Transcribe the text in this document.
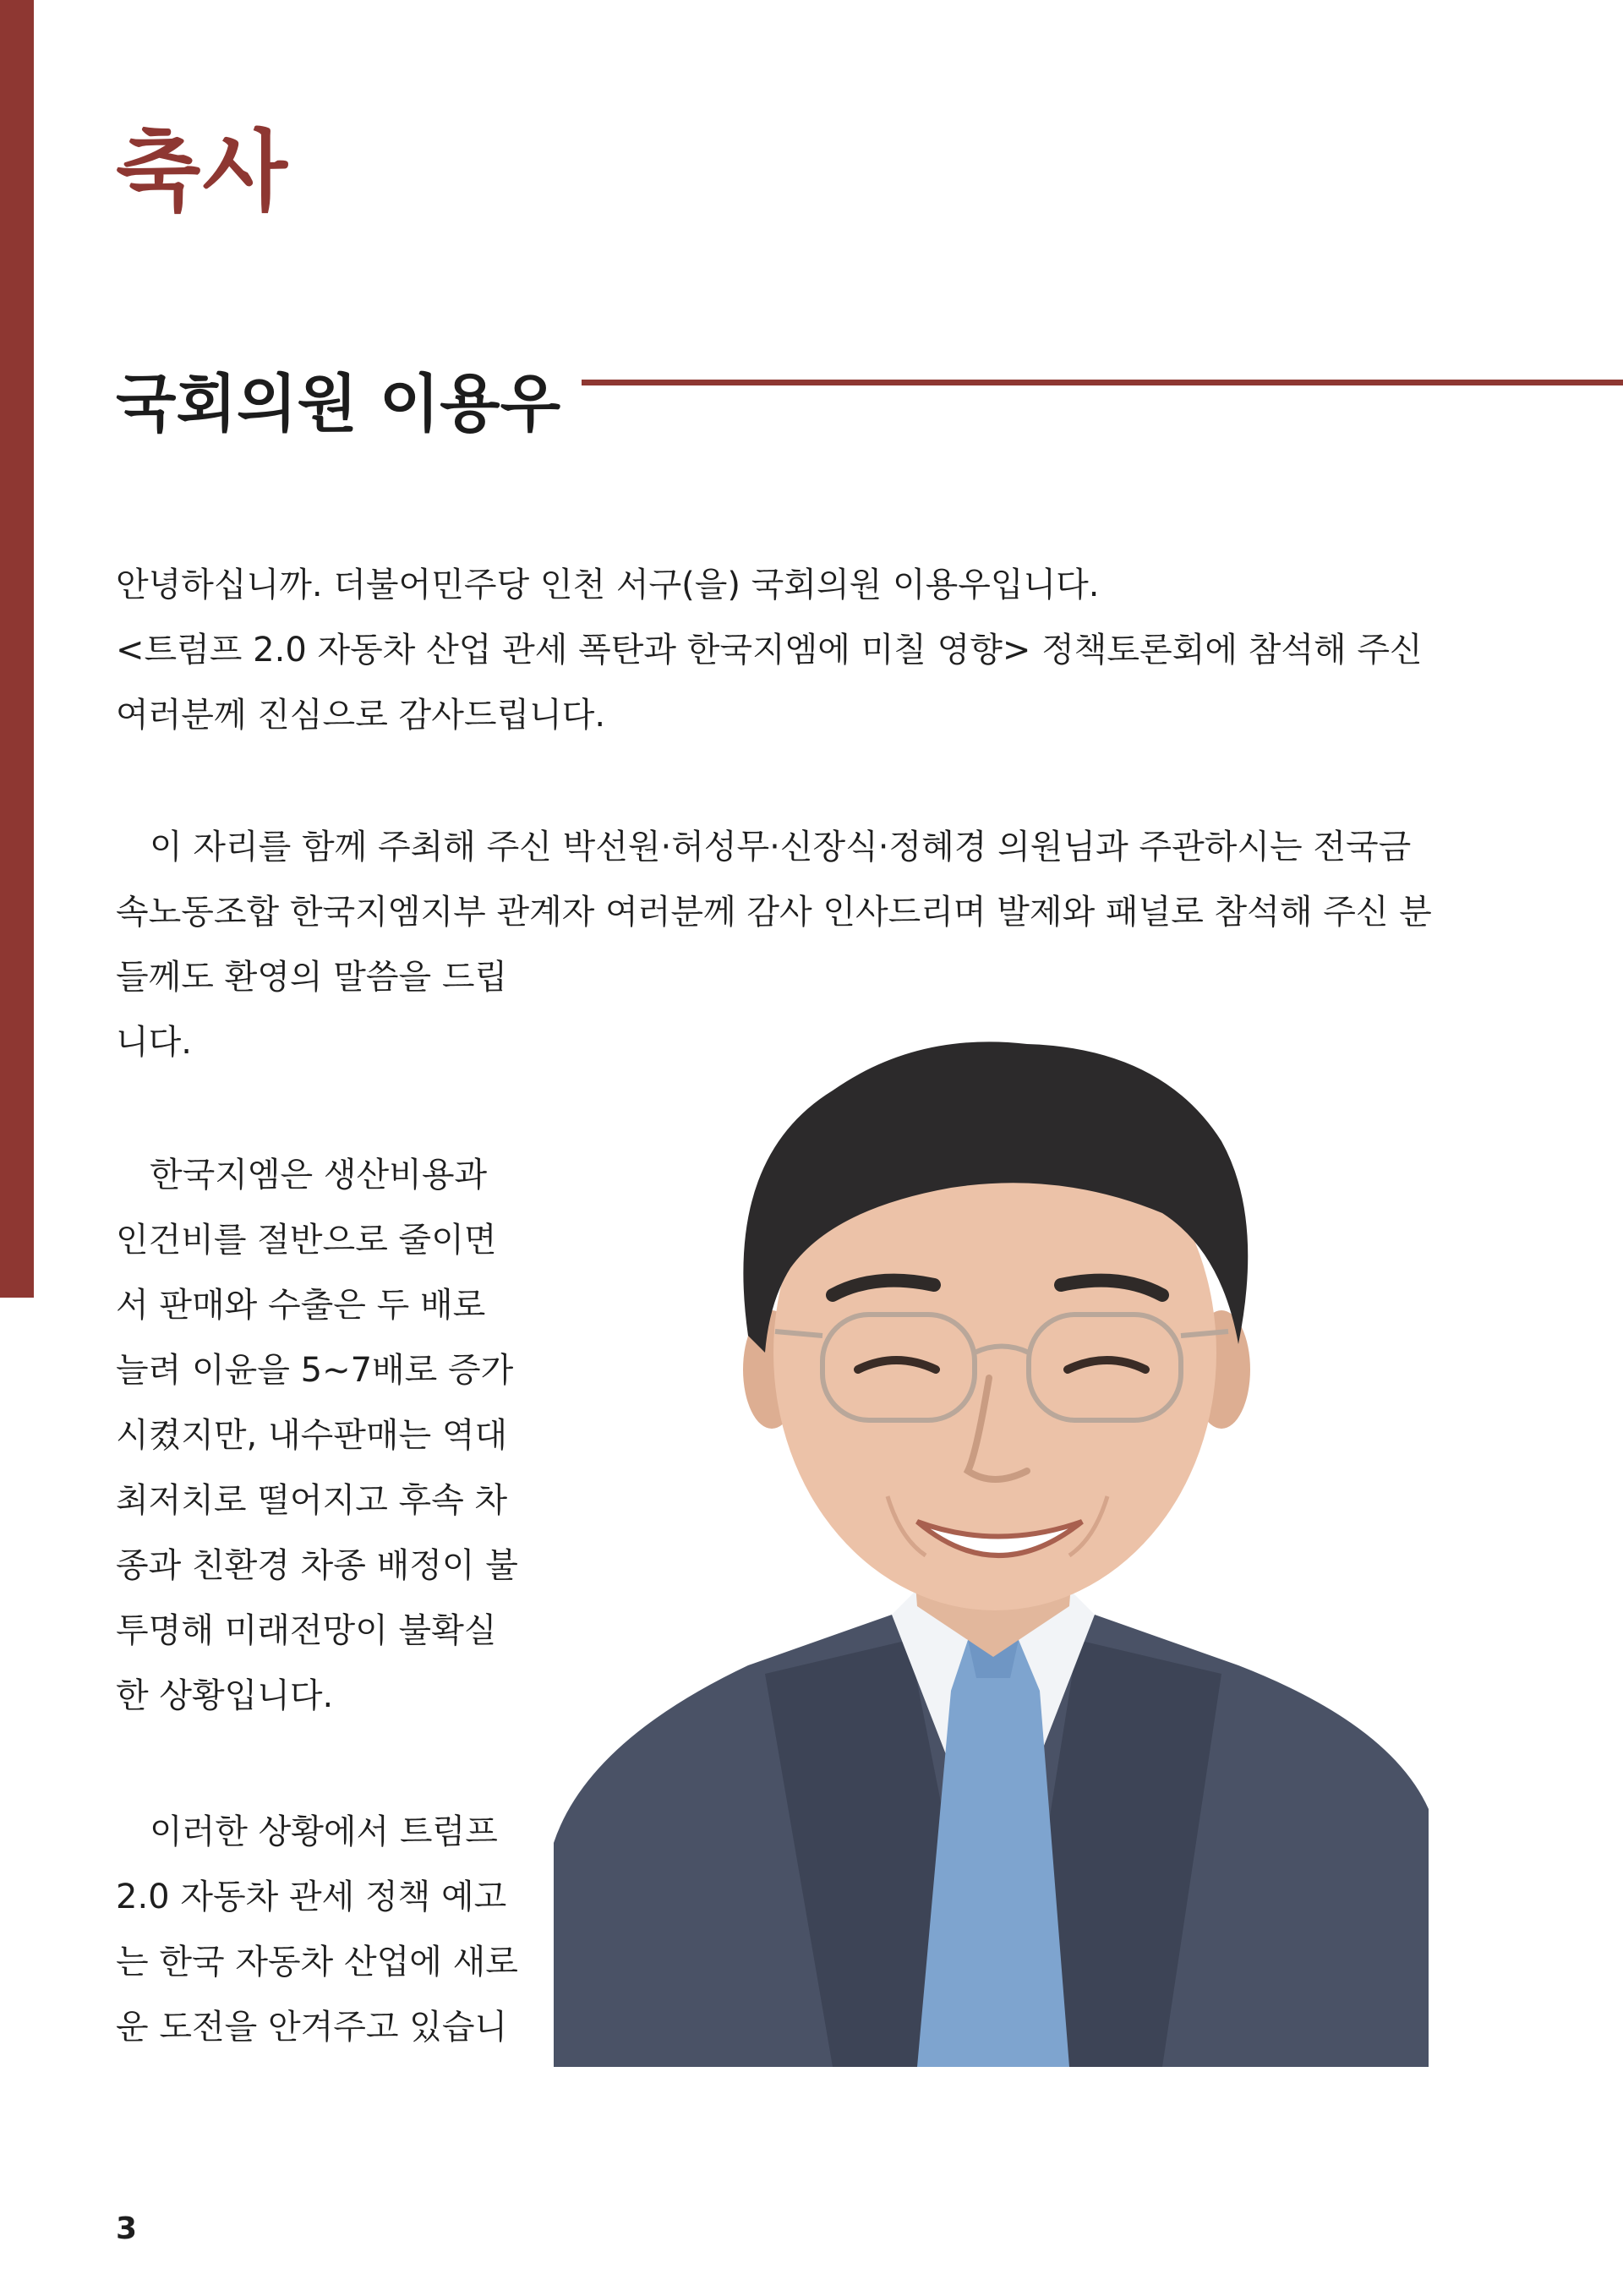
축사
국회의원 이용우
안녕하십니까. 더불어민주당 인천 서구(을) 국회의원 이용우입니다.
<트럼프 2.0 자동차 산업 관세 폭탄과 한국지엠에 미칠 영향> 정책토론회에 참석해 주신
여러분께 진심으로 감사드립니다.
이 자리를 함께 주최해 주신 박선원·허성무·신장식·정혜경 의원님과 주관하시는 전국금
속노동조합 한국지엠지부 관계자 여러분께 감사 인사드리며 발제와 패널로 참석해 주신 분
들께도 환영의 말씀을 드립
니다.
한국지엠은 생산비용과
인건비를 절반으로 줄이면
서 판매와 수출은 두 배로
늘려 이윤을 5~7배로 증가
시켰지만, 내수판매는 역대
최저치로 떨어지고 후속 차
종과 친환경 차종 배정이 불
투명해 미래전망이 불확실
한 상황입니다.
이러한 상황에서 트럼프
2.0 자동차 관세 정책 예고
는 한국 자동차 산업에 새로
운 도전을 안겨주고 있습니

3
